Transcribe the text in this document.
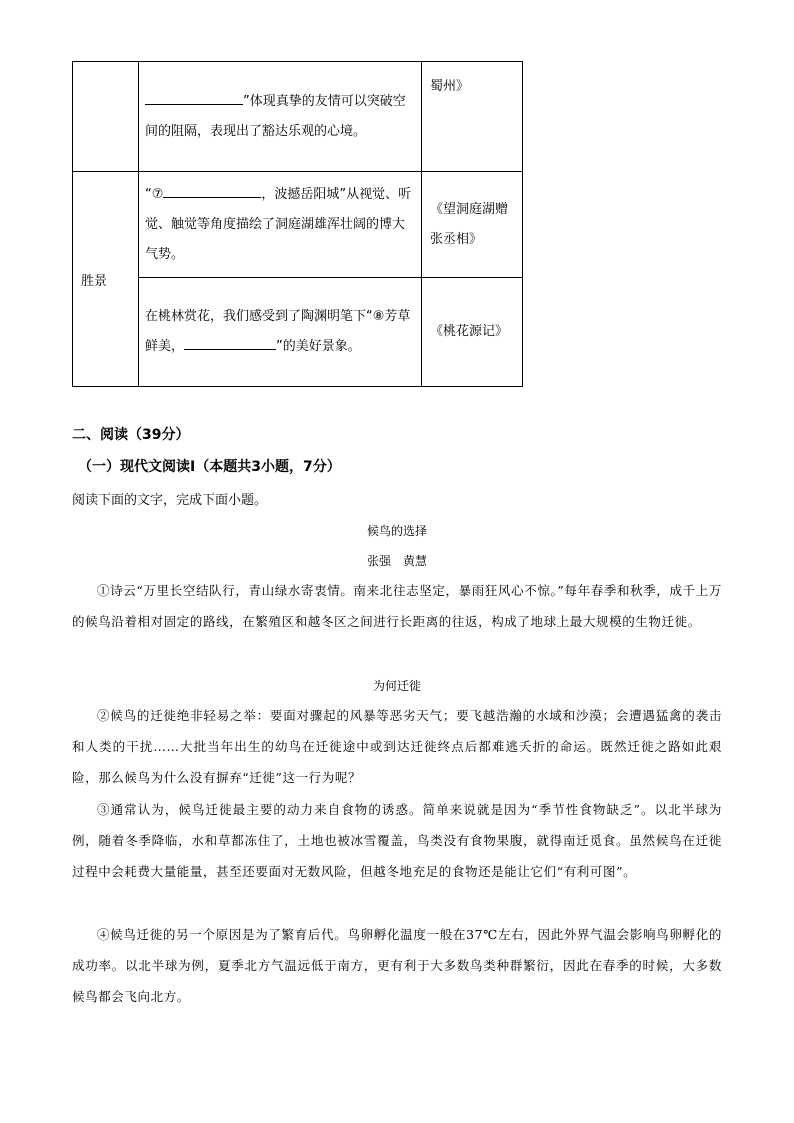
	”体现真挚的友情可以突破空间的阻隔，表现出了豁达乐观的心境。	蜀州》
胜景	“⑦ ，波撼岳阳城”从视觉、听觉、触觉等角度描绘了洞庭湖雄浑壮阔的博大气势。	《望洞庭湖赠张丞相》
	在桃林赏花，我们感受到了陶渊明笔下“⑧芳草鲜美， ”的美好景象。	《桃花源记》
二、阅读（39分）
（一）现代文阅读Ⅰ（本题共3小题，7分）
阅读下面的文字，完成下面小题。
候鸟的选择
张强　黄慧

①诗云“万里长空结队行，青山绿水寄衷情。南来北往志坚定，暴雨狂风心不惊。”每年春季和秋季，成千上万的候鸟沿着相对固定的路线，在繁殖区和越冬区之间进行长距离的往返，构成了地球上最大规模的生物迁徙。

为何迁徙

②候鸟的迁徙绝非轻易之举：要面对骤起的风暴等恶劣天气；要飞越浩瀚的水域和沙漠；会遭遇猛禽的袭击和人类的干扰……大批当年出生的幼鸟在迁徙途中或到达迁徙终点后都难逃夭折的命运。既然迁徙之路如此艰险，那么候鸟为什么没有摒弃“迁徙”这一行为呢？

③通常认为，候鸟迁徙最主要的动力来自食物的诱惑。简单来说就是因为“季节性食物缺乏”。以北半球为例，随着冬季降临，水和草都冻住了，土地也被冰雪覆盖，鸟类没有食物果腹，就得南迁觅食。虽然候鸟在迁徙过程中会耗费大量能量，甚至还要面对无数风险，但越冬地充足的食物还是能让它们“有利可图”。

④候鸟迁徙的另一个原因是为了繁育后代。鸟卵孵化温度一般在37℃左右，因此外界气温会影响鸟卵孵化的成功率。以北半球为例，夏季北方气温远低于南方，更有利于大多数鸟类种群繁衍，因此在春季的时候，大多数候鸟都会飞向北方。
